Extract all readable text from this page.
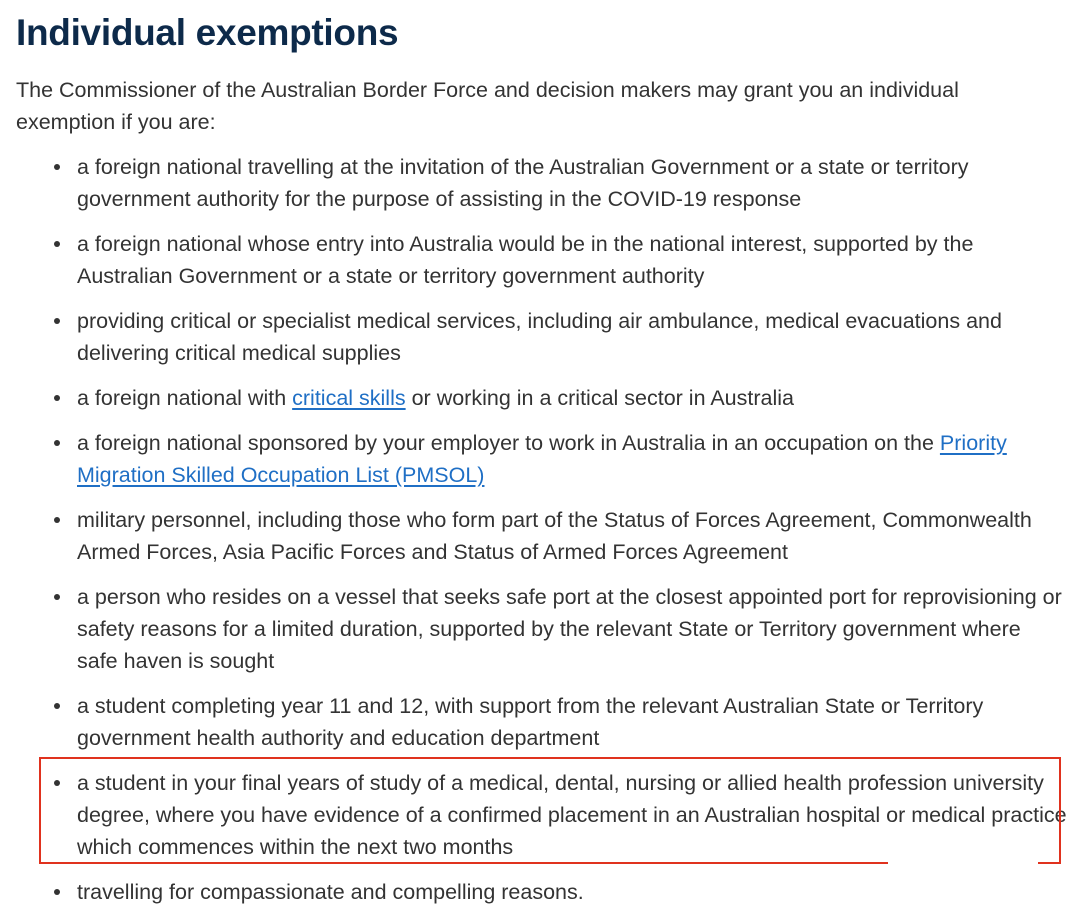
Individual exemptions

The Commissioner of the Australian Border Force and decision makers may grant you an individual exemption if you are:

a foreign national travelling at the invitation of the Australian Government or a state or territory government authority for the purpose of assisting in the COVID-19 response
a foreign national whose entry into Australia would be in the national interest, supported by the Australian Government or a state or territory government authority
providing critical or specialist medical services, including air ambulance, medical evacuations and delivering critical medical supplies
a foreign national with critical skills or working in a critical sector in Australia
a foreign national sponsored by your employer to work in Australia in an occupation on the Priority Migration Skilled Occupation List (PMSOL)
military personnel, including those who form part of the Status of Forces Agreement, Commonwealth Armed Forces, Asia Pacific Forces and Status of Armed Forces Agreement
a person who resides on a vessel that seeks safe port at the closest appointed port for reprovisioning or safety reasons for a limited duration, supported by the relevant State or Territory government where safe haven is sought
a student completing year 11 and 12, with support from the relevant Australian State or Territory government health authority and education department
a student in your final years of study of a medical, dental, nursing or allied health profession university degree, where you have evidence of a confirmed placement in an Australian hospital or medical practice which commences within the next two months
travelling for compassionate and compelling reasons.
